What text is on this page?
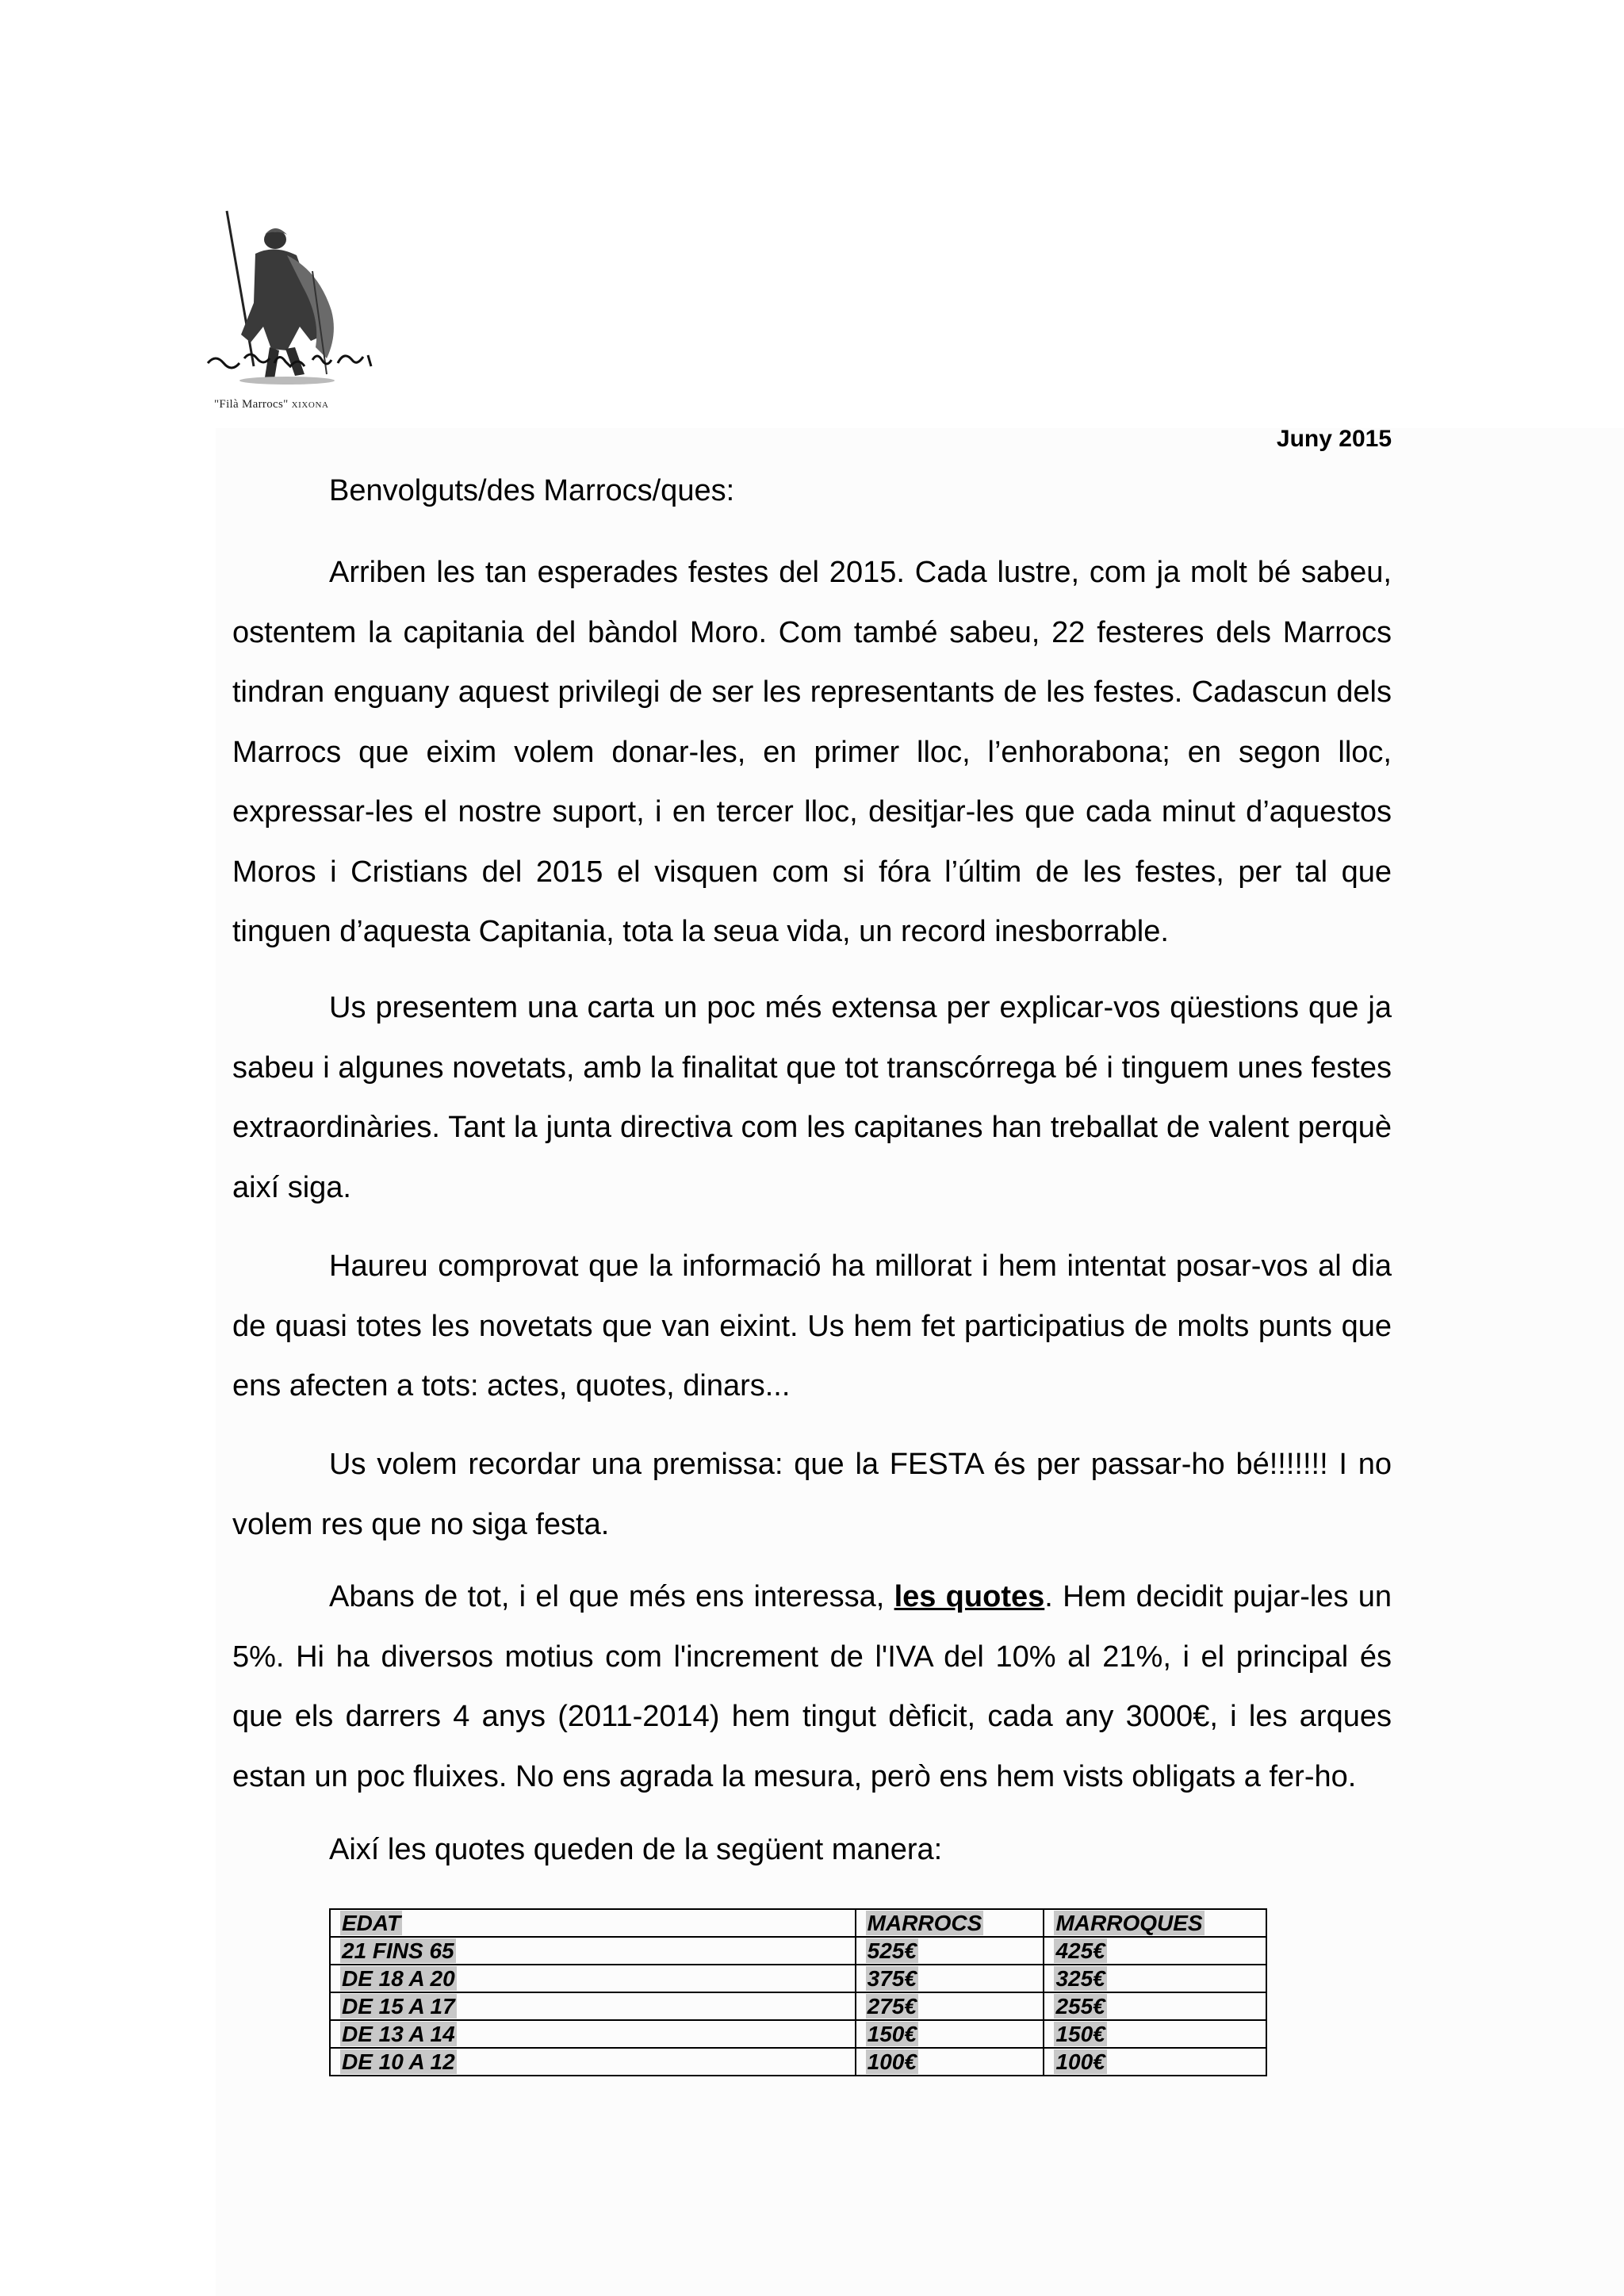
"Filà Marrocs" XIXONA
Juny 2015
Benvolguts/des Marrocs/ques:

Arriben les tan esperades festes del 2015. Cada lustre, com ja molt bé sabeu, ostentem la capitania del bàndol Moro. Com també sabeu, 22 festeres dels Marrocs tindran enguany aquest privilegi de ser les representants de les festes. Cadascun dels Marrocs que eixim volem donar-les, en primer lloc, l’enhorabona; en segon lloc, expressar-les el nostre suport, i en tercer lloc, desitjar-les que cada minut d’aquestos Moros i Cristians del 2015 el visquen com si fóra l’últim de les festes, per tal que tinguen d’aquesta Capitania, tota la seua vida, un record inesborrable.

Us presentem una carta un poc més extensa per explicar-vos qüestions que ja sabeu i algunes novetats, amb la finalitat que tot transcórrega bé i tinguem unes festes extraordinàries. Tant la junta directiva com les capitanes han treballat de valent perquè així siga.

Haureu comprovat que la informació ha millorat i hem intentat posar-vos al dia de quasi totes les novetats que van eixint. Us hem fet participatius de molts punts que ens afecten a tots: actes, quotes, dinars...

Us volem recordar una premissa: que la FESTA és per passar-ho bé!!!!!!! I no volem res que no siga festa.

Abans de tot, i el que més ens interessa, les quotes. Hem decidit pujar-les un 5%. Hi ha diversos motius com l'increment de l'IVA del 10% al 21%, i el principal és que els darrers 4 anys (2011-2014) hem tingut dèficit, cada any 3000€, i les arques estan un poc fluixes. No ens agrada la mesura, però ens hem vists obligats a fer-ho.

Així les quotes queden de la següent manera:
EDAT	MARROCS	MARROQUES
21 FINS 65	525€	425€
DE 18 A 20	375€	325€
DE 15 A 17	275€	255€
DE 13 A 14	150€	150€
DE 10 A 12	100€	100€
